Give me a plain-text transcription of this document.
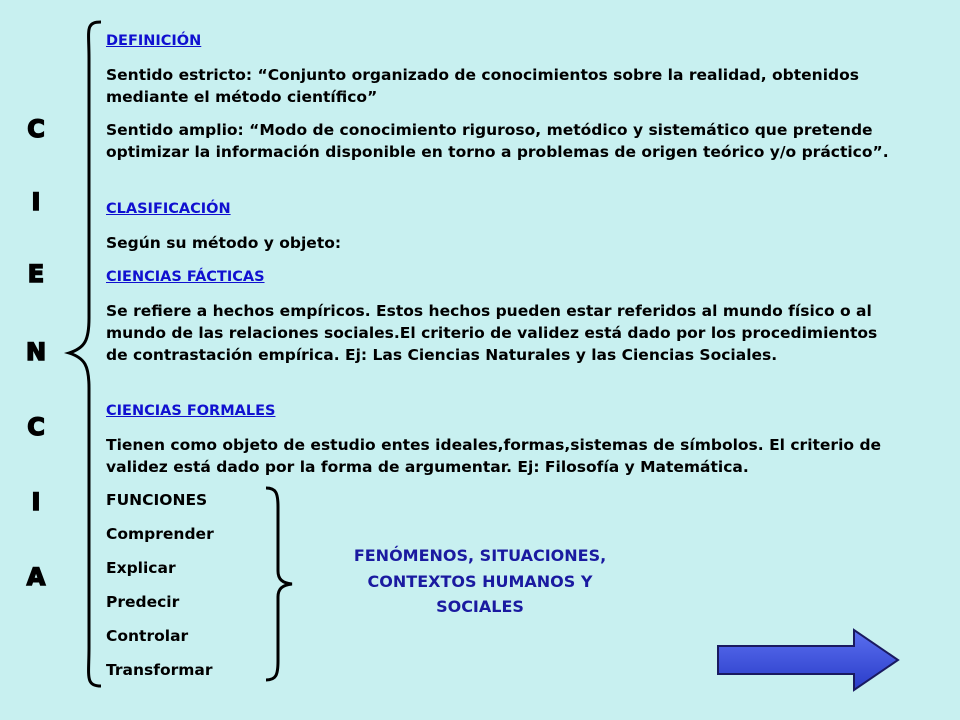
C
I
E
N
C
I
A
DEFINICIÓN
Sentido estricto: “Conjunto organizado de conocimientos sobre la realidad, obtenidos mediante el método científico”
Sentido amplio: “Modo de conocimiento riguroso, metódico y sistemático que pretende optimizar la información disponible en torno a problemas de origen teórico y/o práctico”.
CLASIFICACIÓN
Según su método y objeto:
CIENCIAS FÁCTICAS
Se refiere a hechos empíricos. Estos hechos pueden estar referidos al mundo físico o al mundo de las relaciones sociales.El criterio de validez está dado por los procedimientos de contrastación empírica. Ej: Las Ciencias Naturales y las Ciencias Sociales.
CIENCIAS FORMALES
Tienen como objeto de estudio entes ideales,formas,sistemas de símbolos. El criterio de validez está dado por la forma de argumentar. Ej: Filosofía y Matemática.
FUNCIONES
Comprender
Explicar
Predecir
Controlar
Transformar
FENÓMENOS, SITUACIONES, CONTEXTOS HUMANOS Y SOCIALES
